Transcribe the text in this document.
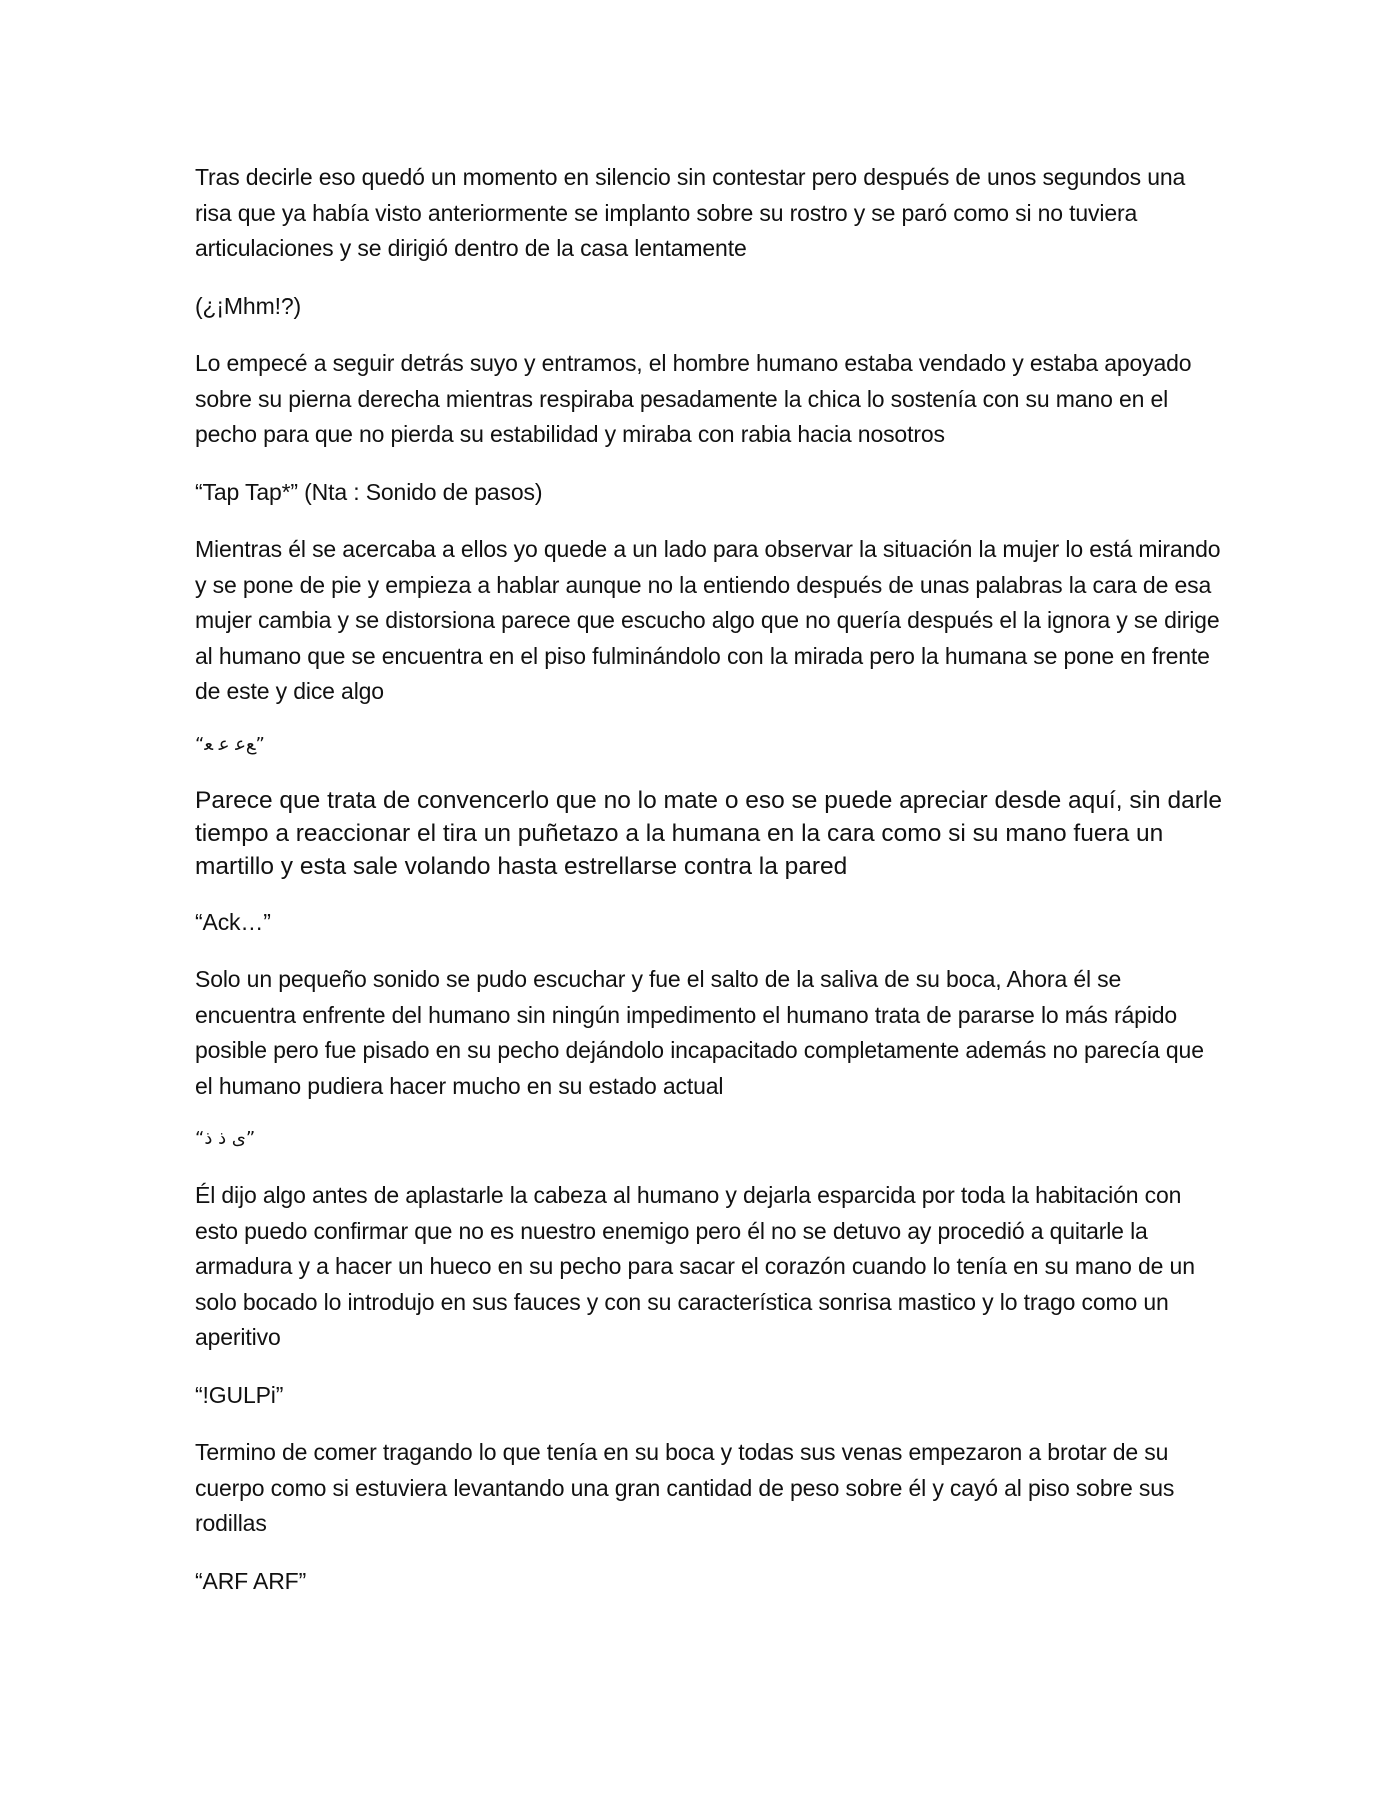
Tras decirle eso quedó un momento en silencio sin contestar pero después de unos segundos una risa que ya había visto anteriormente se implanto sobre su rostro y se paró como si no tuviera articulaciones y se dirigió dentro de la casa lentamente

(¿¡Mhm!?)

Lo empecé a seguir detrás suyo y entramos, el hombre humano estaba vendado y estaba apoyado sobre su pierna derecha mientras respiraba pesadamente la chica lo sostenía con su mano en el pecho para que no pierda su estabilidad y miraba con rabia hacia nosotros

“Tap Tap*” (Nta : Sonido de pasos)

Mientras él se acercaba a ellos yo quede a un lado para observar la situación la mujer lo está mirando y se pone de pie y empieza a hablar aunque no la entiendo después de unas palabras la cara de esa mujer cambia y se distorsiona parece que escucho algo que no quería después el la ignora y se dirige al humano que se encuentra en el piso fulminándolo con la mirada pero la humana se pone en frente de este y dice algo

“ﻊﻋ ﻋ ﻌ”

Parece que trata de convencerlo que no lo mate o eso se puede apreciar desde aquí, sin darle tiempo a reaccionar el tira un puñetazo a la humana en la cara como si su mano fuera un martillo y esta sale volando hasta estrellarse contra la pared

“Ack…”

Solo un pequeño sonido se pudo escuchar y fue el salto de la saliva de su boca, Ahora él se encuentra enfrente del humano sin ningún impedimento el humano trata de pararse lo más rápido posible pero fue pisado en su pecho dejándolo incapacitado completamente además no parecía que el humano pudiera hacer mucho en su estado actual

“ﻯ ﺫ ﺫ”

Él dijo algo antes de aplastarle la cabeza al humano y dejarla esparcida por toda la habitación con esto puedo confirmar que no es nuestro enemigo pero él no se detuvo ay procedió a quitarle la armadura y a hacer un hueco en su pecho para sacar el corazón cuando lo tenía en su mano de un solo bocado lo introdujo en sus fauces y con su característica sonrisa mastico y lo trago como un aperitivo

“!GULPi”

Termino de comer tragando lo que tenía en su boca y todas sus venas empezaron a brotar de su cuerpo como si estuviera levantando una gran cantidad de peso sobre él y cayó al piso sobre sus rodillas

“ARF ARF”
